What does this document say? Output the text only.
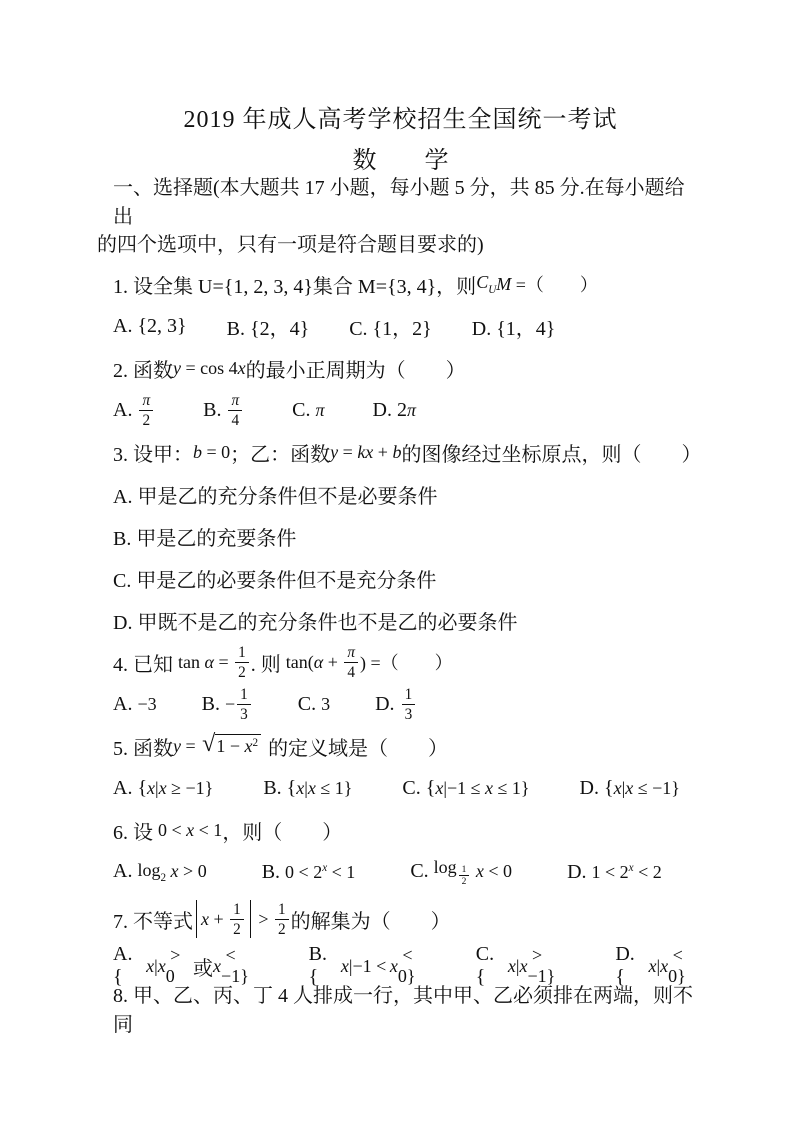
2019 年成人高考学校招生全国统一考试
数　　学
一、选择题(本大题共 17 小题，每小题 5 分，共 85 分.在每小题给出
的四个选项中，只有一项是符合题目要求的)
1. 设全集 U={1, 2, 3, 4}集合 M={3, 4}，则 CU M =（　　）
A. {2, 3} B. {2，4} C. {1，2} D. {1，4}
2. 函数 y = cos 4 x 的最小正周期为（　　）
A. $\frac{\pi}{2}$	B. $\frac{\pi}{4}$	C. π D. 2 π
3. 设甲： b = 0 ；乙：函数 y = kx + b 的图像经过坐标原点，则（　　）
A. 甲是乙的充分条件但不是必要条件
B. 甲是乙的充要条件
C. 甲是乙的必要条件但不是充分条件
D. 甲既不是乙的充分条件也不是乙的必要条件
4. 已知 $\tan \alpha = \frac{1}{2}$ . 则 tan( $\alpha + \frac{\pi}{4}$ ) =（　　）
A. −3 B. − $\frac{1}{3} C$. 3 D. $\frac{1}{3}$
5. 函数 y = √ 1 − x2 的定义域是（　　）
A. { x | x ≥ −1}	B. { x | x ≤ 1}	C. { x |−1 ≤ x ≤ 1}	D. { x | x ≤ −1}
6. 设 0 < x < 1 ，则（　　）
A. log2
x > 0	B. 0 < 2x < 1	C. $\log \frac{1}{2}$
x < 0	D. 1 < 2x < 2
7. 不等式 $x + \frac{1}{2} > \frac{1}{2}$ 的解集为（　　）
A. {
x | x
> 0 或 x
< −1}
B. {
x |−1 < x
< 0}
C. {
x | x
> −1}
D. {
x | x
< 0}
8. 甲、乙、丙、丁 4 人排成一行，其中甲、乙必须排在两端，则不同
